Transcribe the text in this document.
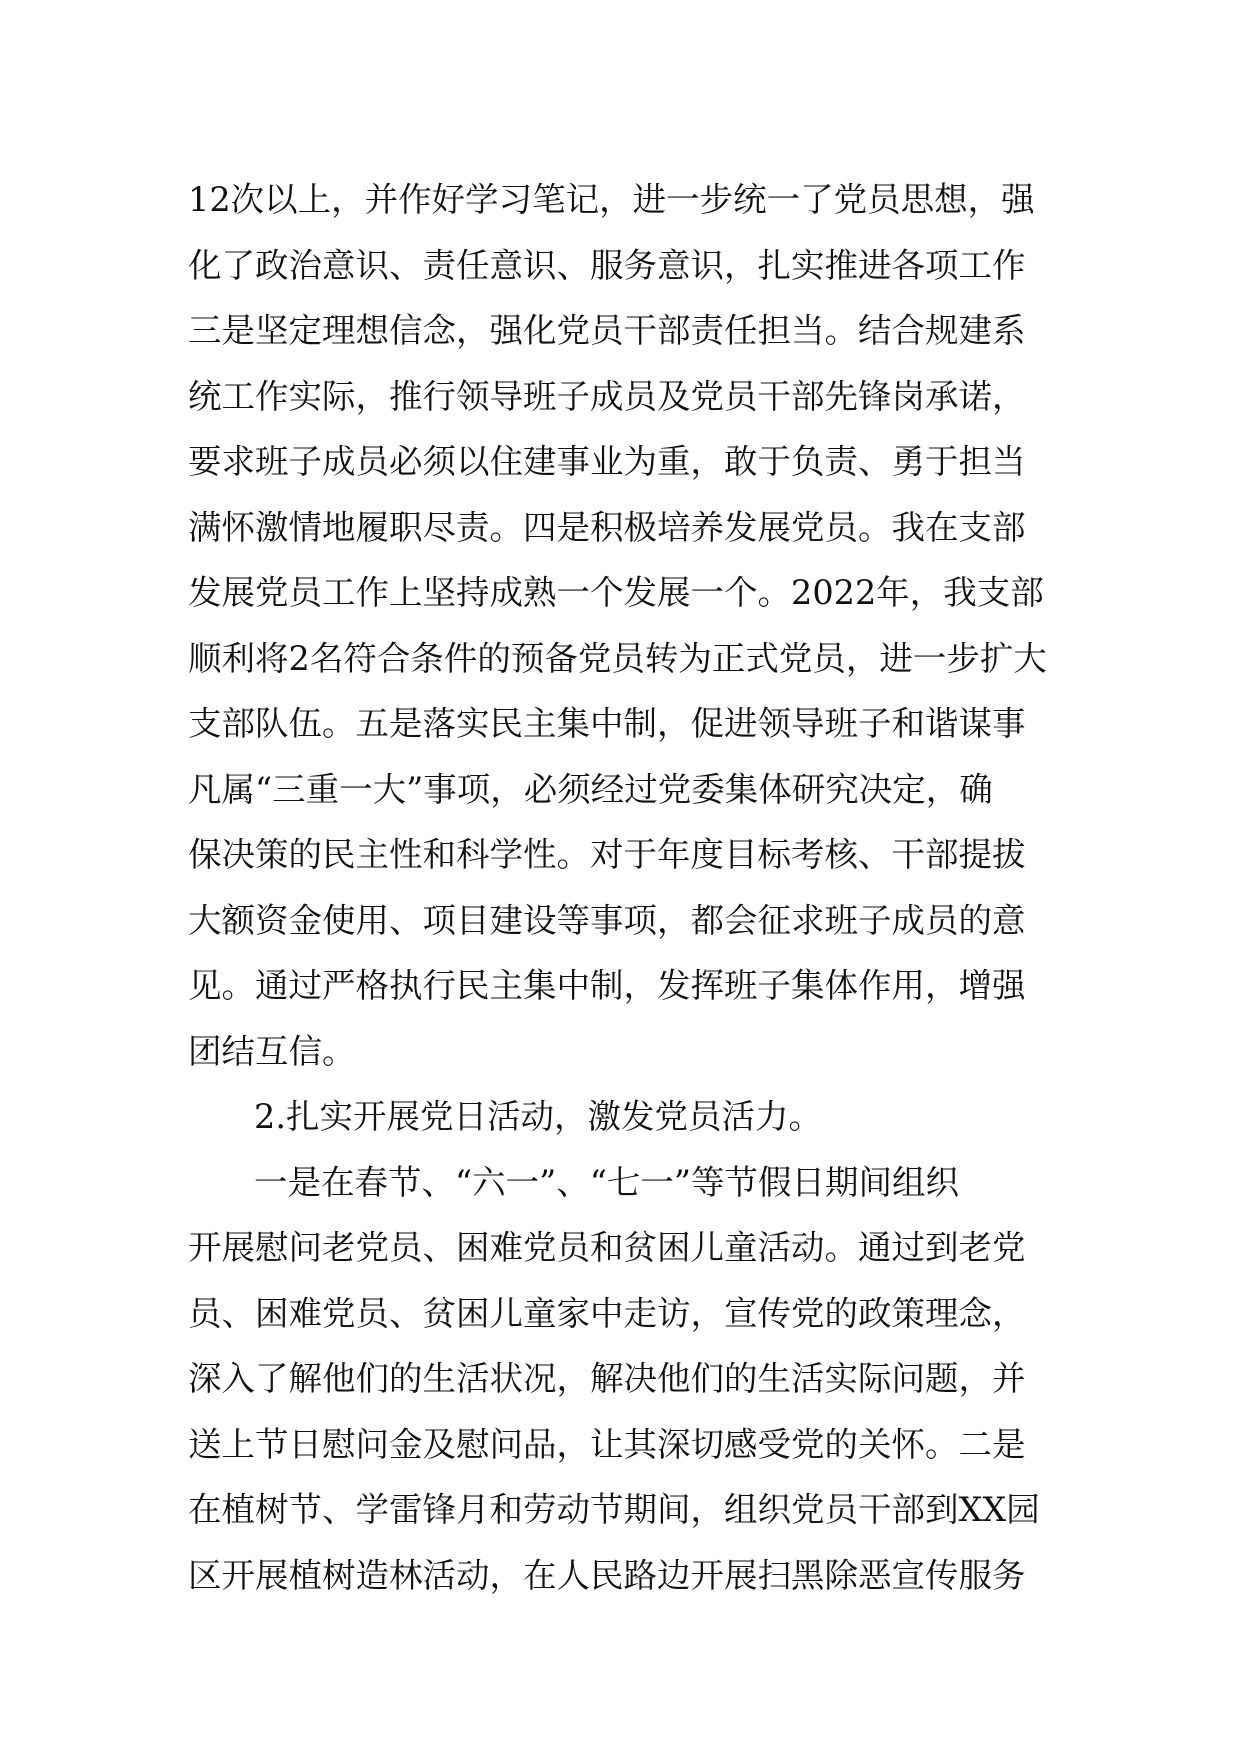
12次以上，并作好学习笔记，进一步统一了党员思想，强
化了政治意识、责任意识、服务意识，扎实推进各项工作
三是坚定理想信念，强化党员干部责任担当。结合规建系
统工作实际，推行领导班子成员及党员干部先锋岗承诺，
要求班子成员必须以住建事业为重，敢于负责、勇于担当
满怀激情地履职尽责。四是积极培养发展党员。我在支部
发展党员工作上坚持成熟一个发展一个。2022年，我支部
顺利将2名符合条件的预备党员转为正式党员，进一步扩大
支部队伍。五是落实民主集中制，促进领导班子和谐谋事
凡属“三重一大”事项，必须经过党委集体研究决定，确
保决策的民主性和科学性。对于年度目标考核、干部提拔
大额资金使用、项目建设等事项，都会征求班子成员的意
见。通过严格执行民主集中制，发挥班子集体作用，增强
团结互信。
2.扎实开展党日活动，激发党员活力。
一是在春节、“六一”、“七一”等节假日期间组织
开展慰问老党员、困难党员和贫困儿童活动。通过到老党
员、困难党员、贫困儿童家中走访，宣传党的政策理念，
深入了解他们的生活状况，解决他们的生活实际问题，并
送上节日慰问金及慰问品，让其深切感受党的关怀。二是
在植树节、学雷锋月和劳动节期间，组织党员干部到XX园
区开展植树造林活动，在人民路边开展扫黑除恶宣传服务
